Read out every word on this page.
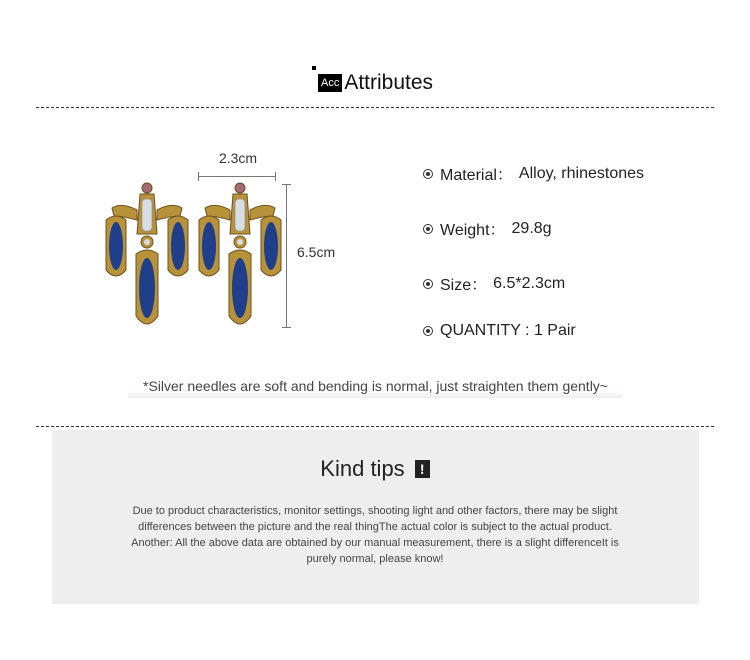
Acc Attributes
2.3cm
6.5cm
Material： Alloy, rhinestones
Weight： 29.8g
Size： 6.5*2.3cm
QUANTITY : 1 Pair
*Silver needles are soft and bending is normal, just straighten them gently~
Kind tips	!
Due to product characteristics, monitor settings, shooting light and other factors, there may be slight
differences between the picture and the real thingThe actual color is subject to the actual product.
Another: All the above data are obtained by our manual measurement, there is a slight differenceIt is
purely normal, please know!
